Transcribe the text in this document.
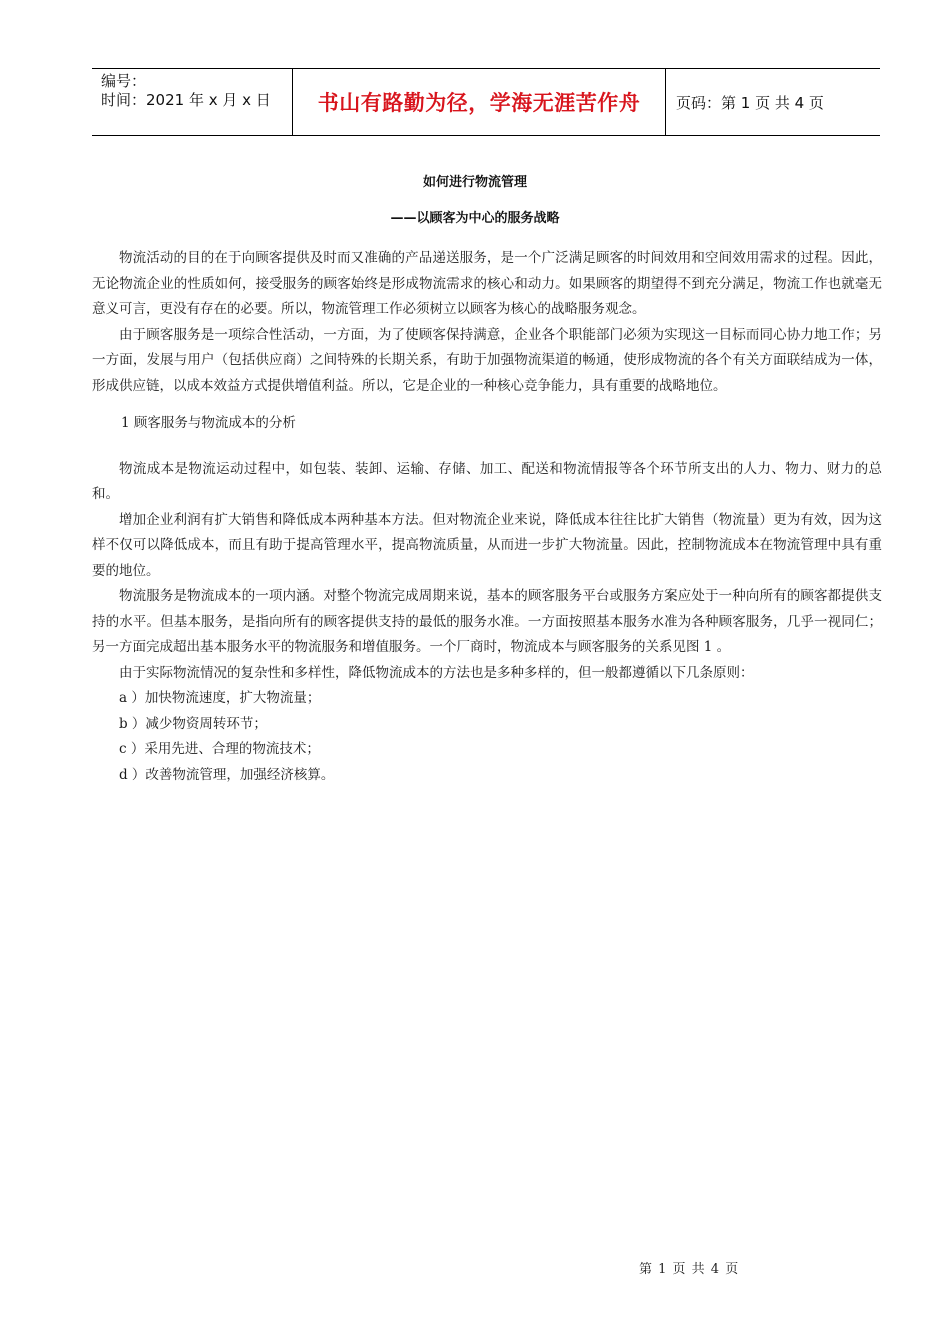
编号：
时间：2021 年 x 月 x 日	书山有路勤为径，学海无涯苦作舟	页码：第 1 页 共 4 页
如何进行物流管理
——以顾客为中心的服务战略

物流活动的目的在于向顾客提供及时而又准确的产品递送服务，是一个广泛满足顾客的时间效用和空间效用需求的过程。因此，无论物流企业的性质如何，接受服务的顾客始终是形成物流需求的核心和动力。如果顾客的期望得不到充分满足，物流工作也就毫无意义可言，更没有存在的必要。所以，物流管理工作必须树立以顾客为核心的战略服务观念。

由于顾客服务是一项综合性活动，一方面，为了使顾客保持满意，企业各个职能部门必须为实现这一目标而同心协力地工作；另一方面，发展与用户（包括供应商）之间特殊的长期关系，有助于加强物流渠道的畅通，使形成物流的各个有关方面联结成为一体，形成供应链，以成本效益方式提供增值利益。所以，它是企业的一种核心竞争能力，具有重要的战略地位。

1 顾客服务与物流成本的分析

物流成本是物流运动过程中，如包装、装卸、运输、存储、加工、配送和物流情报等各个环节所支出的人力、物力、财力的总和。

增加企业利润有扩大销售和降低成本两种基本方法。但对物流企业来说，降低成本往往比扩大销售（物流量）更为有效，因为这样不仅可以降低成本，而且有助于提高管理水平，提高物流质量，从而进一步扩大物流量。因此，控制物流成本在物流管理中具有重要的地位。

物流服务是物流成本的一项内涵。对整个物流完成周期来说，基本的顾客服务平台或服务方案应处于一种向所有的顾客都提供支持的水平。但基本服务，是指向所有的顾客提供支持的最低的服务水准。一方面按照基本服务水准为各种顾客服务，几乎一视同仁；另一方面完成超出基本服务水平的物流服务和增值服务。一个厂商时，物流成本与顾客服务的关系见图 1 。

由于实际物流情况的复杂性和多样性，降低物流成本的方法也是多种多样的，但一般都遵循以下几条原则：

a ）加快物流速度，扩大物流量；

b ）减少物资周转环节；

c ）采用先进、合理的物流技术；

d ）改善物流管理，加强经济核算。

第 1 页 共 4 页
